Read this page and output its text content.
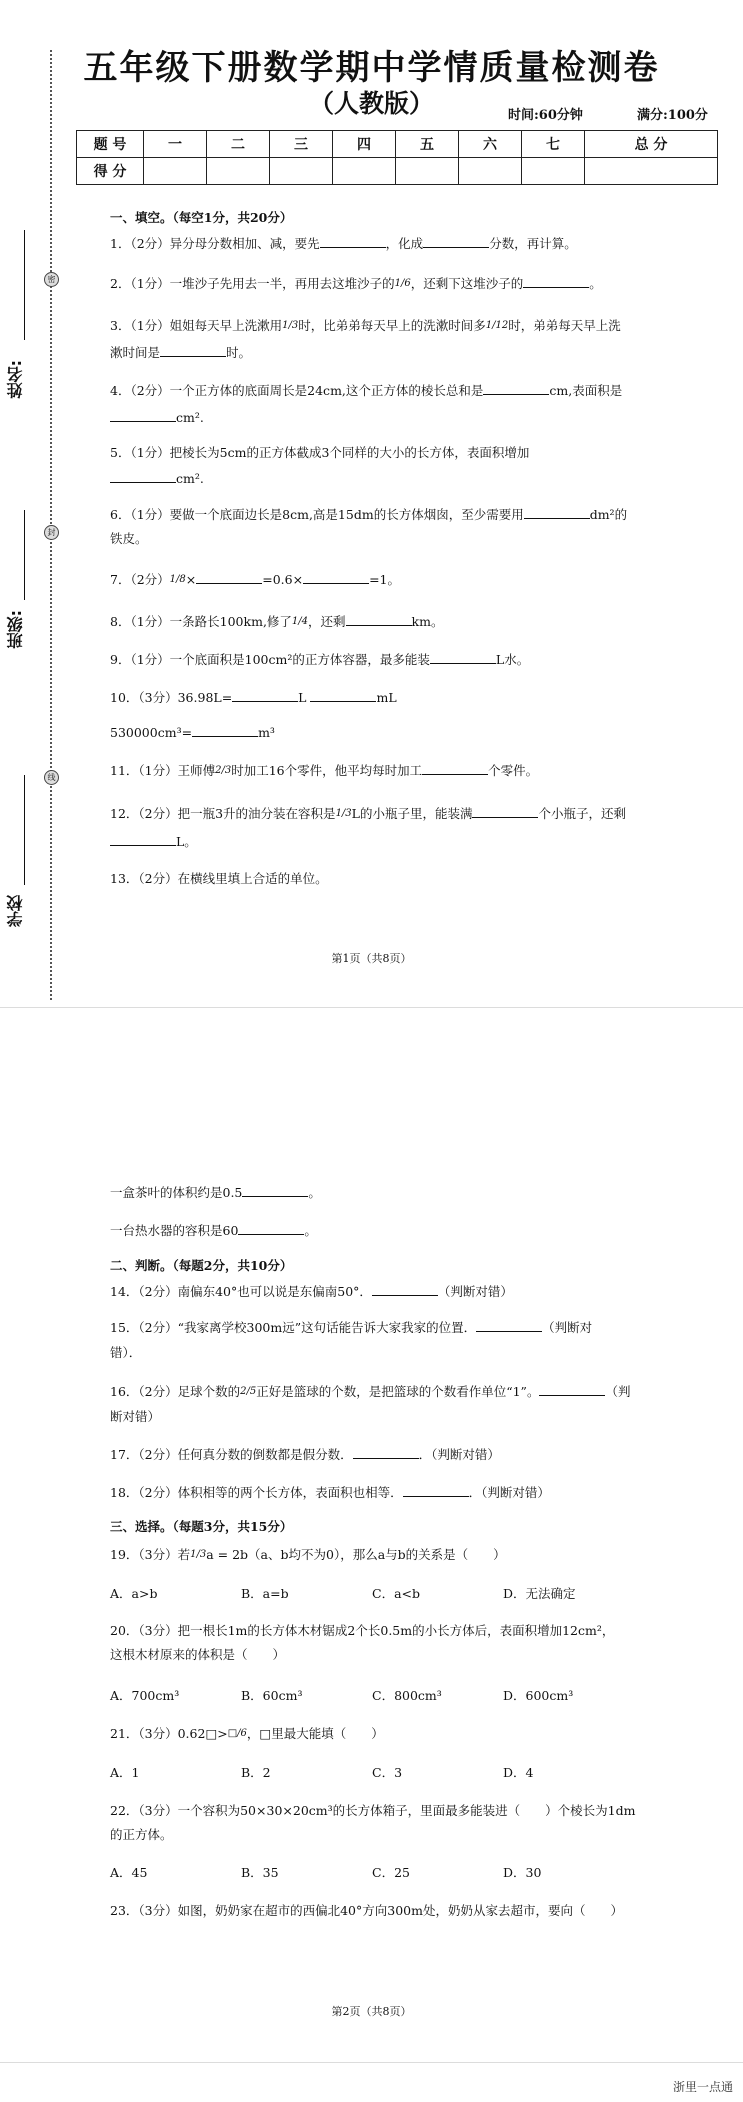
五年级下册数学期中学情质量检测卷
（人教版）	时间:60分钟	满分:100分
题 号	一	二	三	四	五	六	七	总 分
得 分								
密
封
线
姓名:
班级:
学校
一、填空。（每空1分，共20分）
1．（2分）异分母分数相加、减，要先	，化成	分数，再计算。
2．（1分）一堆沙子先用去一半，再用去这堆沙子的1/6，还剩下这堆沙子的	。
3．（1分）姐姐每天早上洗漱用1/3时，比弟弟每天早上的洗漱时间多1/12时，弟弟每天早上洗
漱时间是	时。
4．（2分）一个正方体的底面周长是24cm,这个正方体的棱长总和是	cm,表面积是
cm².
5．（1分）把棱长为5cm的正方体截成3个同样的大小的长方体，表面积增加
cm².
6．（1分）要做一个底面边长是8cm,高是15dm的长方体烟囱，至少需要用	dm²的
铁皮。
7．（2分）1/8×	=0.6×	=1。
8．（1分）一条路长100km,修了1/4，还剩	km。
9．（1分）一个底面积是100cm²的正方体容器，最多能装	L水。
10．（3分）36.98L=	L	mL
530000cm³=	m³
11．（1分）王师傅2/3时加工16个零件，他平均每时加工	个零件。
12．（2分）把一瓶3升的油分装在容积是1/3L的小瓶子里，能装满	个小瓶子，还剩
L。
13．（2分）在横线里填上合适的单位。
第1页（共8页）
一盒茶叶的体积约是0.5	。
一台热水器的容积是60	。
二、判断。（每题2分，共10分）
14．（2分）南偏东40°也可以说是东偏南50°．	（判断对错）
15．（2分）“我家离学校300m远”这句话能告诉大家我家的位置．	（判断对
错）．
16．（2分）足球个数的2/5正好是篮球的个数，是把篮球的个数看作单位“1”。	（判
断对错）
17．（2分）任何真分数的倒数都是假分数．	．（判断对错）
18．（2分）体积相等的两个长方体，表面积也相等．	．（判断对错）
三、选择。（每题3分，共15分）
19．（3分）若1/3a = 2b（a、b均不为0），那么a与b的关系是（　　）
A．a>b	B．a=b	C．a<b	D．无法确定
20．（3分）把一根长1m的长方体木材锯成2个长0.5m的小长方体后，表面积增加12cm²，
这根木材原来的体积是（　　）
A．700cm³	B．60cm³	C．800cm³	D．600cm³
21．（3分）0.62□>□/6，□里最大能填（　　）
A．1	B．2	C．3	D．4
22．（3分）一个容积为50×30×20cm³的长方体箱子，里面最多能装进（　　）个棱长为1dm
的正方体。
A．45	B．35	C．25	D．30
23．（3分）如图，奶奶家在超市的西偏北40°方向300m处，奶奶从家去超市，要向（　　）
第2页（共8页）
浙里一点通
